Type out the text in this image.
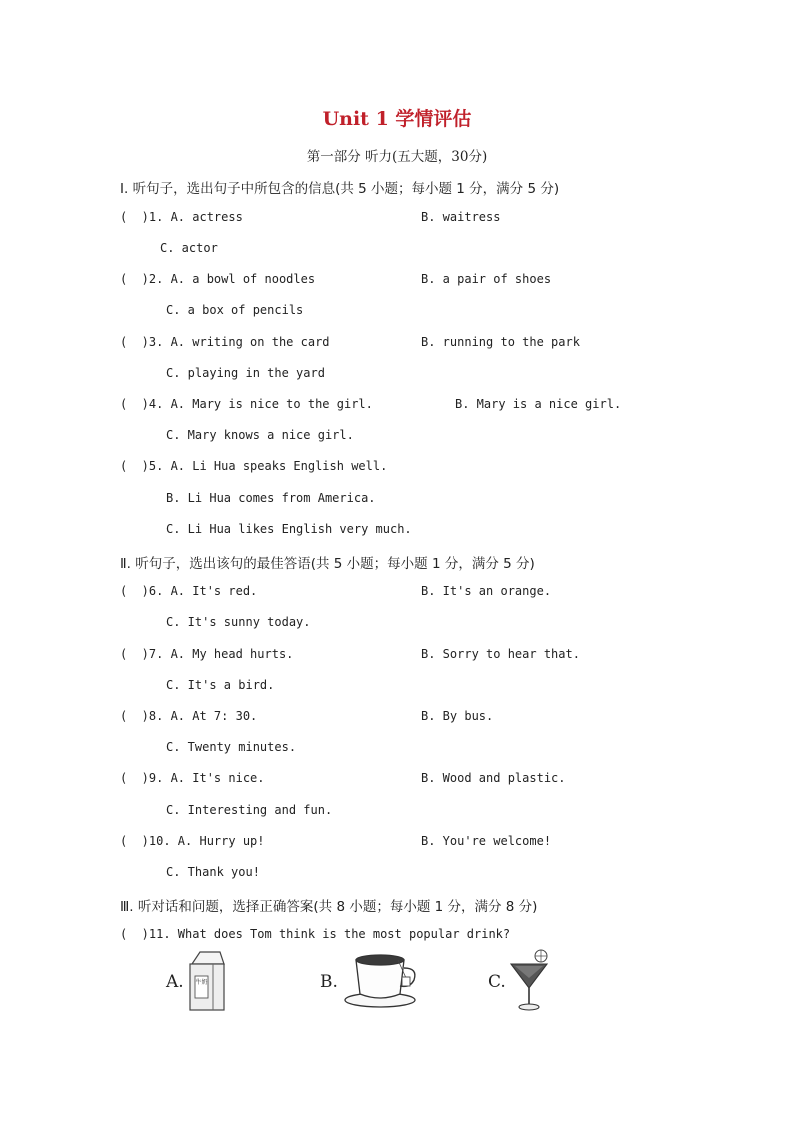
Unit 1 学情评估
第一部分 听力(五大题，30分)
Ⅰ. 听句子，选出句子中所包含的信息(共 5 小题；每小题 1 分，满分 5 分)
(  )1. A. actress	B. waitress
C. actor
(  )2. A. a bowl of noodles	B. a pair of shoes
C. a box of pencils
(  )3. A. writing on the card	B. running to the park
C. playing in the yard
(  )4. A. Mary is nice to the girl.	B. Mary is a nice girl.
C. Mary knows a nice girl.
(  )5. A. Li Hua speaks English well.
B. Li Hua comes from America.
C. Li Hua likes English very much.
Ⅱ. 听句子，选出该句的最佳答语(共 5 小题；每小题 1 分，满分 5 分)
(  )6. A. It's red.	B. It's an orange.
C. It's sunny today.
(  )7. A. My head hurts.	B. Sorry to hear that.
C. It's a bird.
(  )8. A. At 7: 30.	B. By bus.
C. Twenty minutes.
(  )9. A. It's nice.	B. Wood and plastic.
C. Interesting and fun.
(  )10. A. Hurry up!	B. You're welcome!
C. Thank you!
Ⅲ. 听对话和问题，选择正确答案(共 8 小题；每小题 1 分，满分 8 分)
(  )11. What does Tom think is the most popular drink?
A. 牛奶	B.	C.
